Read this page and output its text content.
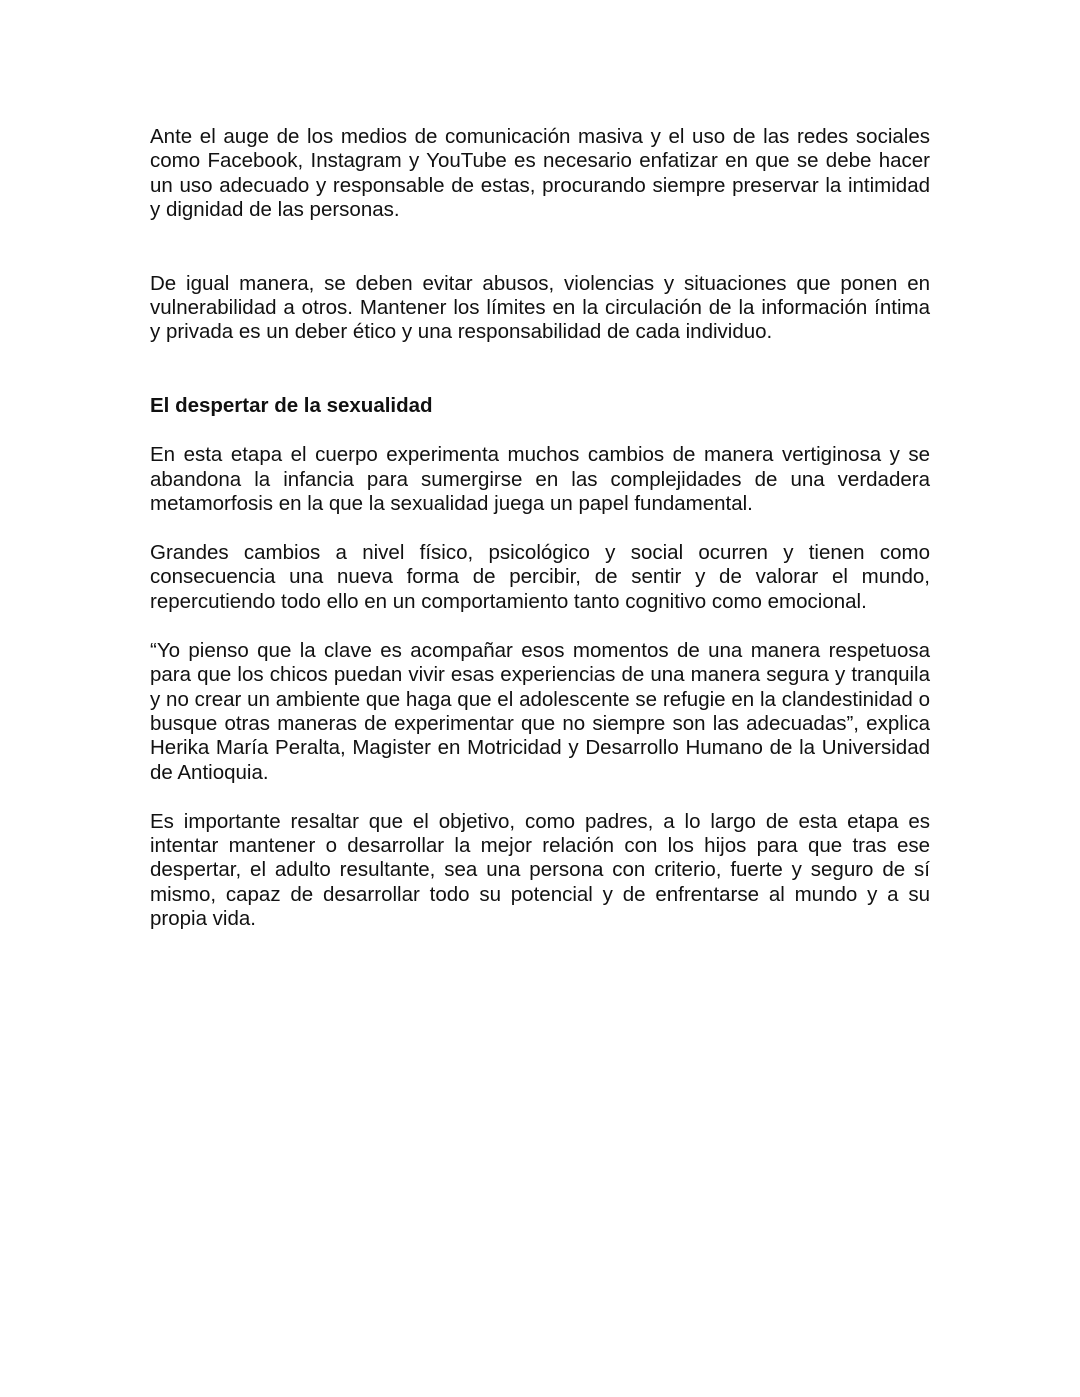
Ante el auge de los medios de comunicación masiva y el uso de las redes sociales como Facebook, Instagram y YouTube es necesario enfatizar en que se debe hacer un uso adecuado y responsable de estas, procurando siempre preservar la intimidad y dignidad de las personas.

De igual manera, se deben evitar abusos, violencias y situaciones que ponen en vulnerabilidad a otros. Mantener los límites en la circulación de la información íntima y privada es un deber ético y una responsabilidad de cada individuo.

El despertar de la sexualidad

En esta etapa el cuerpo experimenta muchos cambios de manera vertiginosa y se abandona la infancia para sumergirse en las complejidades de una verdadera metamorfosis en la que la sexualidad juega un papel fundamental.

Grandes cambios a nivel físico, psicológico y social ocurren y tienen como consecuencia una nueva forma de percibir, de sentir y de valorar el mundo, repercutiendo todo ello en un comportamiento tanto cognitivo como emocional.

“Yo pienso que la clave es acompañar esos momentos de una manera respetuosa para que los chicos puedan vivir esas experiencias de una manera segura y tranquila y no crear un ambiente que haga que el adolescente se refugie en la clandestinidad o busque otras maneras de experimentar que no siempre son las adecuadas”, explica Herika María Peralta, Magister en Motricidad y Desarrollo Humano de la Universidad de Antioquia.

Es importante resaltar que el objetivo, como padres, a lo largo de esta etapa es intentar mantener o desarrollar la mejor relación con los hijos para que tras ese despertar, el adulto resultante, sea una persona con criterio, fuerte y seguro de sí mismo, capaz de desarrollar todo su potencial y de enfrentarse al mundo y a su propia vida.
